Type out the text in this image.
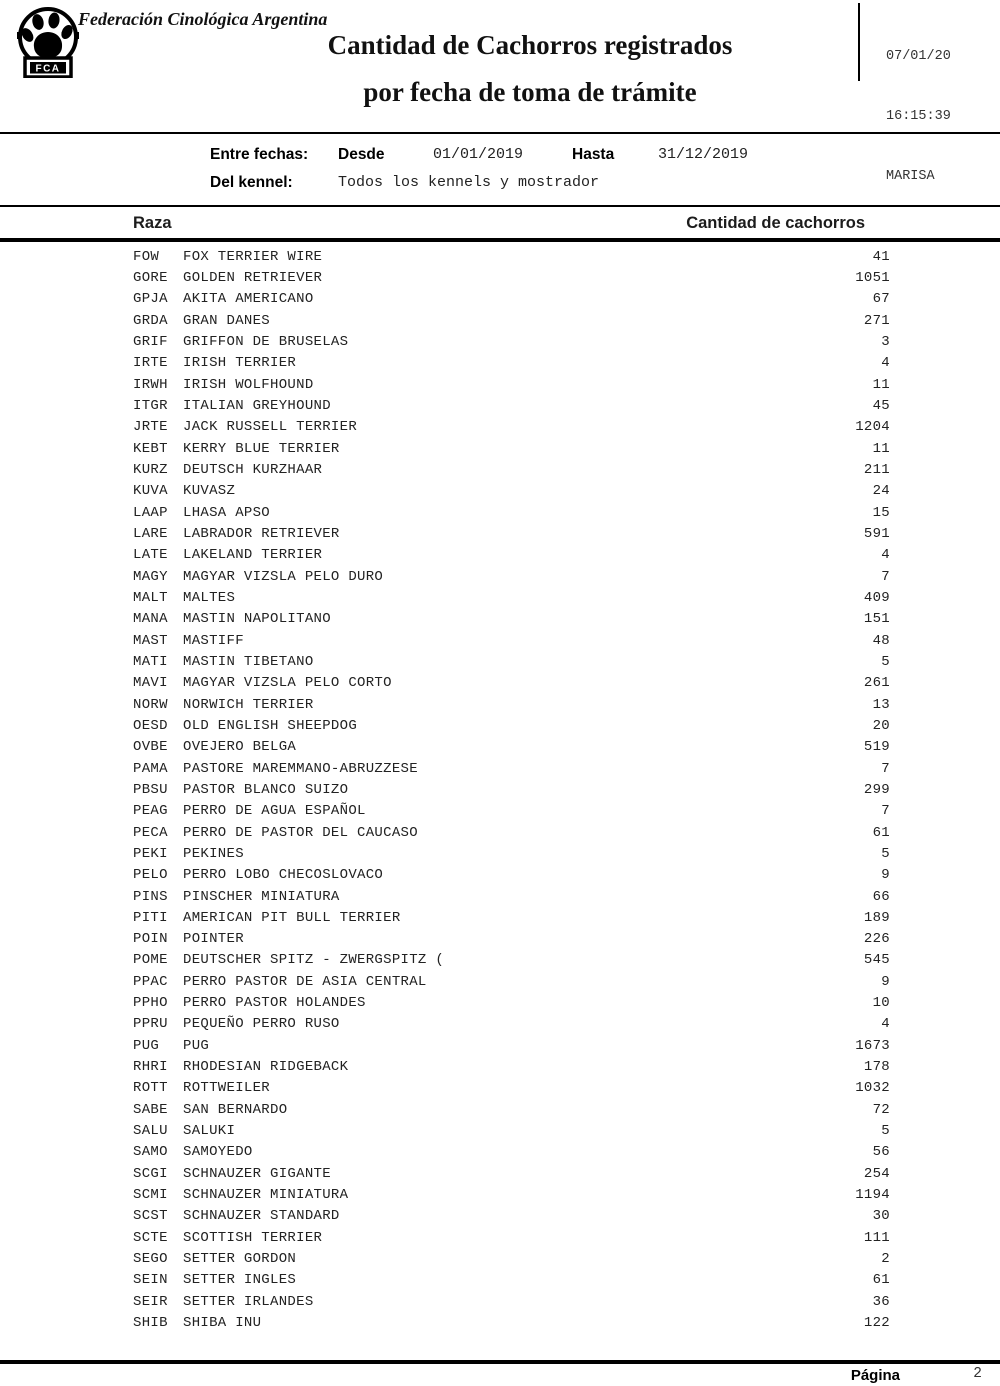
FCA
Federación Cinológica Argentina
Cantidad de Cachorros registrados
por fecha de toma de trámite

07/01/20

16:15:39

MARISA

Entre fechas: Desde	01/01/2019	Hasta	31/12/2019
Del kennel:	Todos los kennels y mostrador
Raza	Cantidad de cachorros
FOW	FOX TERRIER WIRE	41
GORE	GOLDEN RETRIEVER	1051
GPJA	AKITA AMERICANO	67
GRDA	GRAN DANES	271
GRIF	GRIFFON DE BRUSELAS	3
IRTE	IRISH TERRIER	4
IRWH	IRISH WOLFHOUND	11
ITGR	ITALIAN GREYHOUND	45
JRTE	JACK RUSSELL TERRIER	1204
KEBT	KERRY BLUE TERRIER	11
KURZ	DEUTSCH KURZHAAR	211
KUVA	KUVASZ	24
LAAP	LHASA APSO	15
LARE	LABRADOR RETRIEVER	591
LATE	LAKELAND TERRIER	4
MAGY	MAGYAR VIZSLA PELO DURO	7
MALT	MALTES	409
MANA	MASTIN NAPOLITANO	151
MAST	MASTIFF	48
MATI	MASTIN TIBETANO	5
MAVI	MAGYAR VIZSLA PELO CORTO	261
NORW	NORWICH TERRIER	13
OESD	OLD ENGLISH SHEEPDOG	20
OVBE	OVEJERO BELGA	519
PAMA	PASTORE MAREMMANO-ABRUZZESE	7
PBSU	PASTOR BLANCO SUIZO	299
PEAG	PERRO DE AGUA ESPAÑOL	7
PECA	PERRO DE PASTOR DEL CAUCASO	61
PEKI	PEKINES	5
PELO	PERRO LOBO CHECOSLOVACO	9
PINS	PINSCHER MINIATURA	66
PITI	AMERICAN PIT BULL TERRIER	189
POIN	POINTER	226
POME	DEUTSCHER SPITZ - ZWERGSPITZ (	545
PPAC	PERRO PASTOR DE ASIA CENTRAL	9
PPHO	PERRO PASTOR HOLANDES	10
PPRU	PEQUEÑO PERRO RUSO	4
PUG	PUG	1673
RHRI	RHODESIAN RIDGEBACK	178
ROTT	ROTTWEILER	1032
SABE	SAN BERNARDO	72
SALU	SALUKI	5
SAMO	SAMOYEDO	56
SCGI	SCHNAUZER GIGANTE	254
SCMI	SCHNAUZER MINIATURA	1194
SCST	SCHNAUZER STANDARD	30
SCTE	SCOTTISH TERRIER	111
SEGO	SETTER GORDON	2
SEIN	SETTER INGLES	61
SEIR	SETTER IRLANDES	36
SHIB	SHIBA INU	122
Página	2
